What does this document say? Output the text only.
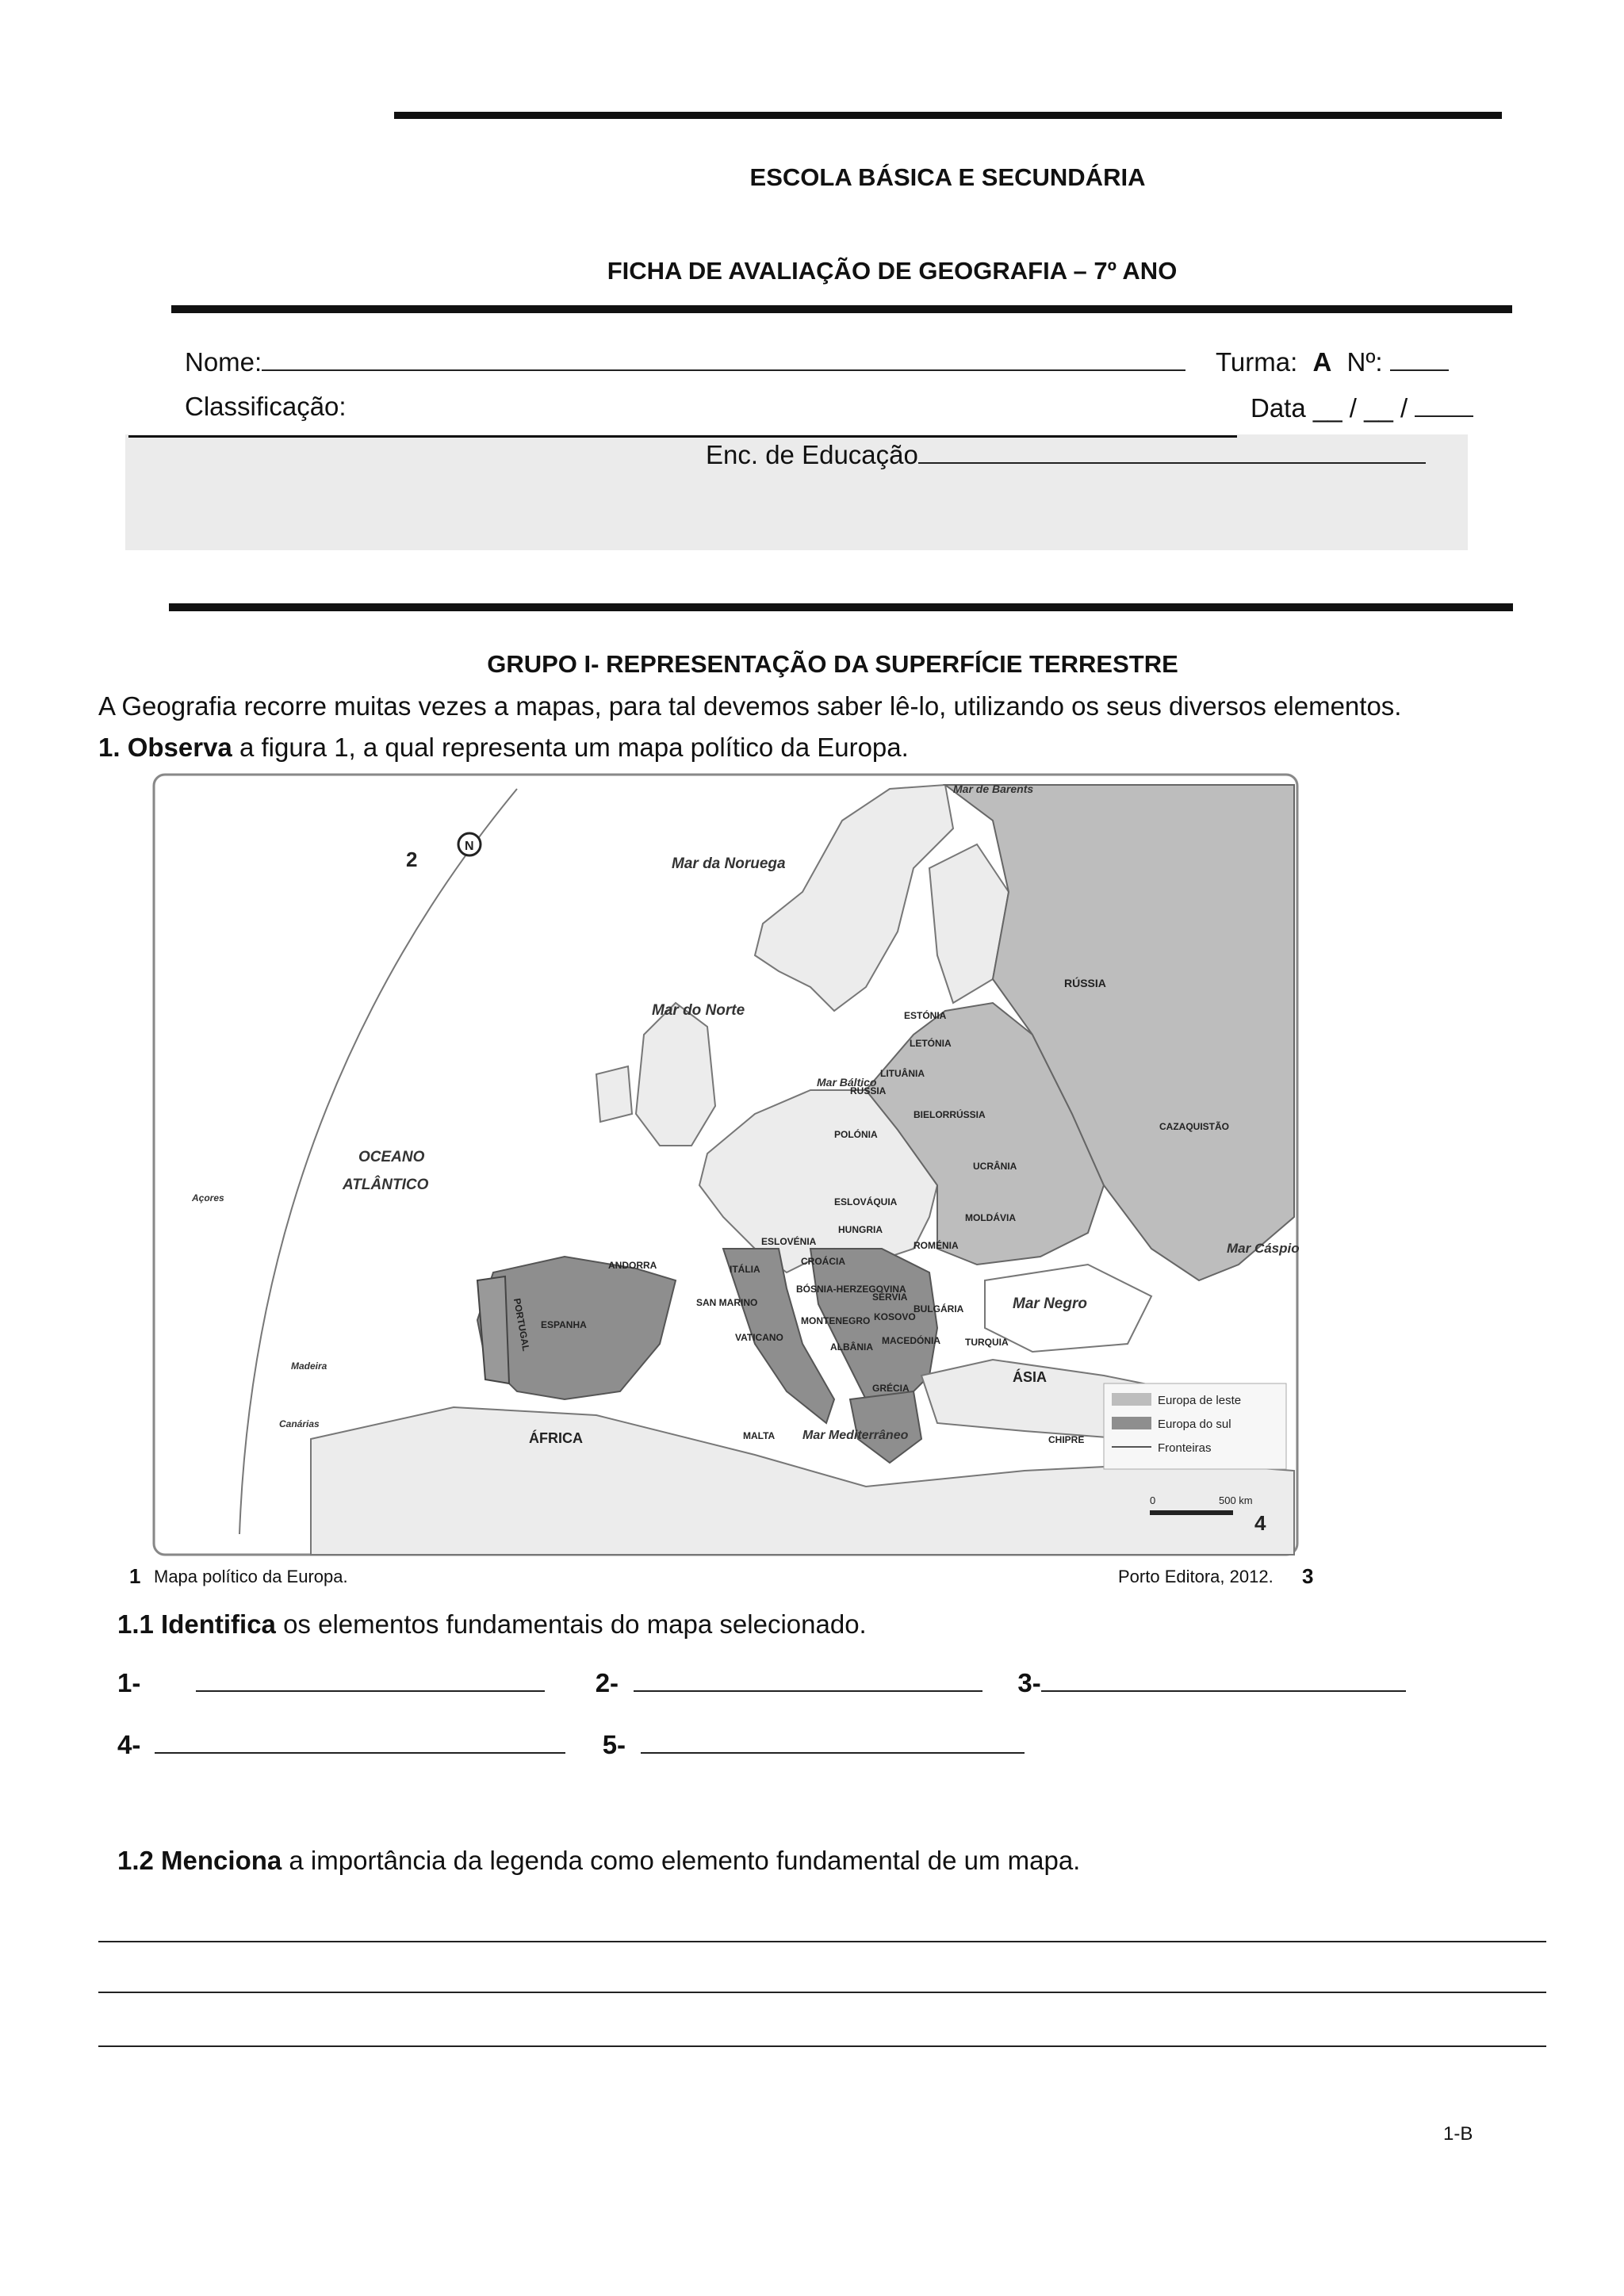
ESCOLA BÁSICA E SECUNDÁRIA
FICHA DE AVALIAÇÃO DE GEOGRAFIA – 7º ANO
Nome:	Turma: A Nº:
Classificação:	Data __ / __ /
Enc. de Educação
GRUPO I- REPRESENTAÇÃO DA SUPERFÍCIE TERRESTRE
A Geografia recorre muitas vezes a mapas, para tal devemos saber lê-lo, utilizando os seus diversos elementos.
1. Observa a figura 1, a qual representa um mapa político da Europa.
N
2
4
Mar de Barents
Mar da Noruega
Mar do Norte
Mar Báltico
OCEANO
ATLÂNTICO
RÚSSIA
ESTÓNIA
LETÓNIA
LITUÂNIA
RÚSSIA
BIELORRÚSSIA
POLÓNIA
UCRÂNIA
CAZAQUISTÃO
ESLOVÁQUIA
HUNGRIA
MOLDÁVIA
ROMÉNIA
ESLOVÉNIA
CROÁCIA
ITÁLIA
ANDORRA
SAN MARINO
BÓSNIA-HERZEGOVINA
SÉRVIA
KOSOVO
BULGÁRIA
MONTENEGRO
VATICANO
ALBÂNIA
MACEDÓNIA	TURQUIA
GRÉCIA
PORTUGAL ESPANHA
Açores
Madeira
Canárias
ÁFRICA
ÁSIA
MALTA Mar Mediterrâneo	CHIPRE
Mar Negro
Mar Cáspio
Europa de leste
Europa do sul
Fronteiras
0	500 km
1 Mapa político da Europa.	Porto Editora, 2012. 3
1.1 Identifica os elementos fundamentais do mapa selecionado.
1-	2-	3-
4-	5-
1.2 Menciona a importância da legenda como elemento fundamental de um mapa.
1-B
